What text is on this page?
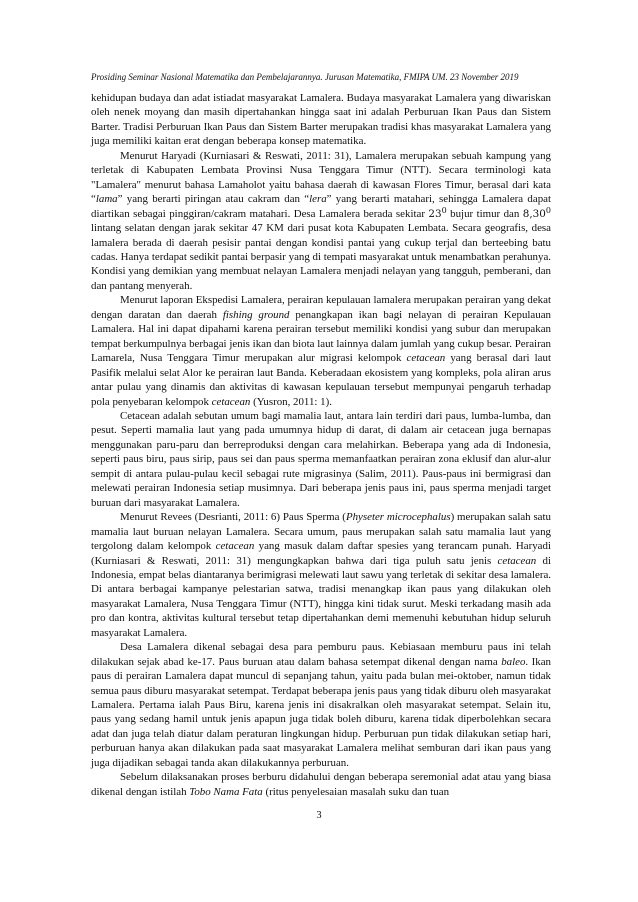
Prosiding Seminar Nasional Matematika dan Pembelajarannya. Jurusan Matematika, FMIPA UM. 23 November 2019

kehidupan budaya dan adat istiadat masyarakat Lamalera. Budaya masyarakat Lamalera yang diwariskan oleh nenek moyang dan masih dipertahankan hingga saat ini adalah Perburuan Ikan Paus dan Sistem Barter. Tradisi Perburuan Ikan Paus dan Sistem Barter merupakan tradisi khas masyarakat Lamalera yang juga memiliki kaitan erat dengan beberapa konsep matematika.

Menurut Haryadi (Kurniasari & Reswati, 2011: 31), Lamalera merupakan sebuah kampung yang terletak di Kabupaten Lembata Provinsi Nusa Tenggara Timur (NTT). Secara terminologi kata "Lamalera" menurut bahasa Lamaholot yaitu bahasa daerah di kawasan Flores Timur, berasal dari kata “lama” yang berarti piringan atau cakram dan “lera” yang berarti matahari, sehingga Lamalera dapat diartikan sebagai pinggiran/cakram matahari. Desa Lamalera berada sekitar $23^0$ bujur timur dan 8,30$^0$ lintang selatan dengan jarak sekitar 47 KM dari pusat kota Kabupaten Lembata. Secara geografis, desa lamalera berada di daerah pesisir pantai dengan kondisi pantai yang cukup terjal dan berteebing batu cadas. Hanya terdapat sedikit pantai berpasir yang di tempati masyarakat untuk menambatkan perahunya. Kondisi yang demikian yang membuat nelayan Lamalera menjadi nelayan yang tangguh, pemberani, dan dan pantang menyerah.

Menurut laporan Ekspedisi Lamalera, perairan kepulauan lamalera merupakan perairan yang dekat dengan daratan dan daerah fishing ground penangkapan ikan bagi nelayan di perairan Kepulauan Lamalera. Hal ini dapat dipahami karena perairan tersebut memiliki kondisi yang subur dan merupakan tempat berkumpulnya berbagai jenis ikan dan biota laut lainnya dalam jumlah yang cukup besar. Perairan Lamarela, Nusa Tenggara Timur merupakan alur migrasi kelompok cetacean yang berasal dari laut Pasifik melalui selat Alor ke perairan laut Banda. Keberadaan ekosistem yang kompleks, pola aliran arus antar pulau yang dinamis dan aktivitas di kawasan kepulauan tersebut mempunyai pengaruh terhadap pola penyebaran kelompok cetacean (Yusron, 2011: 1).

Cetacean adalah sebutan umum bagi mamalia laut, antara lain terdiri dari paus, lumba-lumba, dan pesut. Seperti mamalia laut yang pada umumnya hidup di darat, di dalam air cetacean juga bernapas menggunakan paru-paru dan berreproduksi dengan cara melahirkan. Beberapa yang ada di Indonesia, seperti paus biru, paus sirip, paus sei dan paus sperma memanfaatkan perairan zona eklusif dan alur-alur sempit di antara pulau-pulau kecil sebagai rute migrasinya (Salim, 2011). Paus-paus ini bermigrasi dan melewati perairan Indonesia setiap musimnya. Dari beberapa jenis paus ini, paus sperma menjadi target buruan dari masyarakat Lamalera.

Menurut Revees (Desrianti, 2011: 6) Paus Sperma (Physeter microcephalus) merupakan salah satu mamalia laut buruan nelayan Lamalera. Secara umum, paus merupakan salah satu mamalia laut yang tergolong dalam kelompok cetacean yang masuk dalam daftar spesies yang terancam punah. Haryadi (Kurniasari & Reswati, 2011: 31) mengungkapkan bahwa dari tiga puluh satu jenis cetacean di Indonesia, empat belas diantaranya berimigrasi melewati laut sawu yang terletak di sekitar desa lamalera. Di antara berbagai kampanye pelestarian satwa, tradisi menangkap ikan paus yang dilakukan oleh masyarakat Lamalera, Nusa Tenggara Timur (NTT), hingga kini tidak surut. Meski terkadang masih ada pro dan kontra, aktivitas kultural tersebut tetap dipertahankan demi memenuhi kebutuhan hidup seluruh masyarakat Lamalera.

Desa Lamalera dikenal sebagai desa para pemburu paus. Kebiasaan memburu paus ini telah dilakukan sejak abad ke-17. Paus buruan atau dalam bahasa setempat dikenal dengan nama baleo. Ikan paus di perairan Lamalera dapat muncul di sepanjang tahun, yaitu pada bulan mei-oktober, namun tidak semua paus diburu masyarakat setempat. Terdapat beberapa jenis paus yang tidak diburu oleh masyarakat Lamalera. Pertama ialah Paus Biru, karena jenis ini disakralkan oleh masyarakat setempat. Selain itu, paus yang sedang hamil untuk jenis apapun juga tidak boleh diburu, karena tidak diperbolehkan secara adat dan juga telah diatur dalam peraturan lingkungan hidup. Perburuan pun tidak dilakukan setiap hari, perburuan hanya akan dilakukan pada saat masyarakat Lamalera melihat semburan dari ikan paus yang juga dijadikan sebagai tanda akan dilakukannya perburuan.

Sebelum dilaksanakan proses berburu didahului dengan beberapa seremonial adat atau yang biasa dikenal dengan istilah Tobo Nama Fata (ritus penyelesaian masalah suku dan tuan

3
